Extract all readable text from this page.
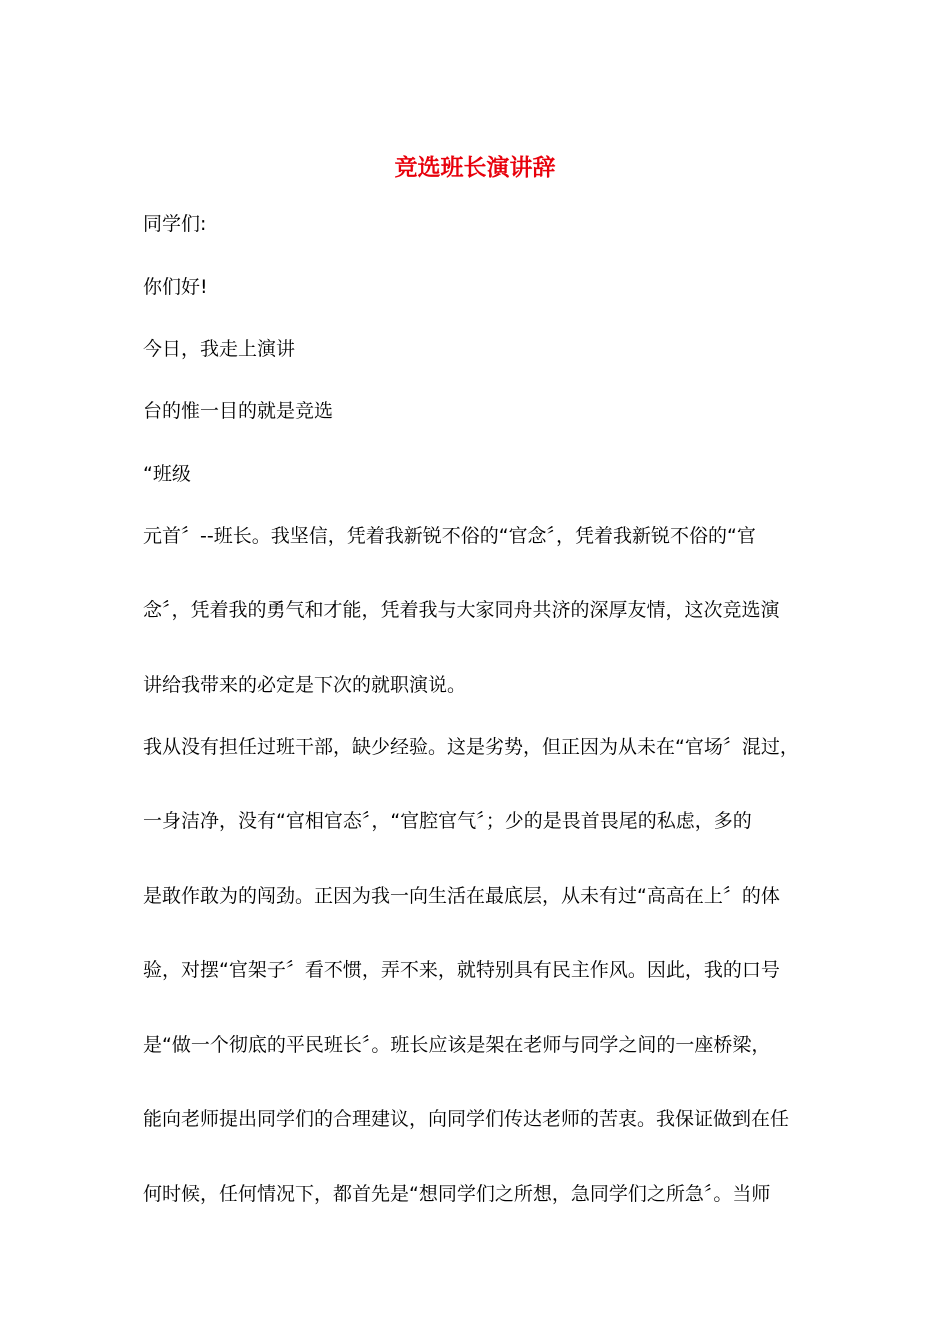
竞选班长演讲辞
同学们:
你们好!
今日，我走上演讲
台的惟一目的就是竞选
“班级
元首〞--班长。我坚信，凭着我新锐不俗的“官念〞，凭着我新锐不俗的“官
念〞，凭着我的勇气和才能，凭着我与大家同舟共济的深厚友情，这次竞选演
讲给我带来的必定是下次的就职演说。
我从没有担任过班干部，缺少经验。这是劣势，但正因为从未在“官场〞混过，
一身洁净，没有“官相官态〞，“官腔官气〞；少的是畏首畏尾的私虑，多的
是敢作敢为的闯劲。正因为我一向生活在最底层，从未有过“高高在上〞的体
验，对摆“官架子〞看不惯，弄不来，就特别具有民主作风。因此，我的口号
是“做一个彻底的平民班长〞。班长应该是架在老师与同学之间的一座桥梁，
能向老师提出同学们的合理建议，向同学们传达老师的苦衷。我保证做到在任
何时候，任何情况下，都首先是“想同学们之所想，急同学们之所急〞。当师
